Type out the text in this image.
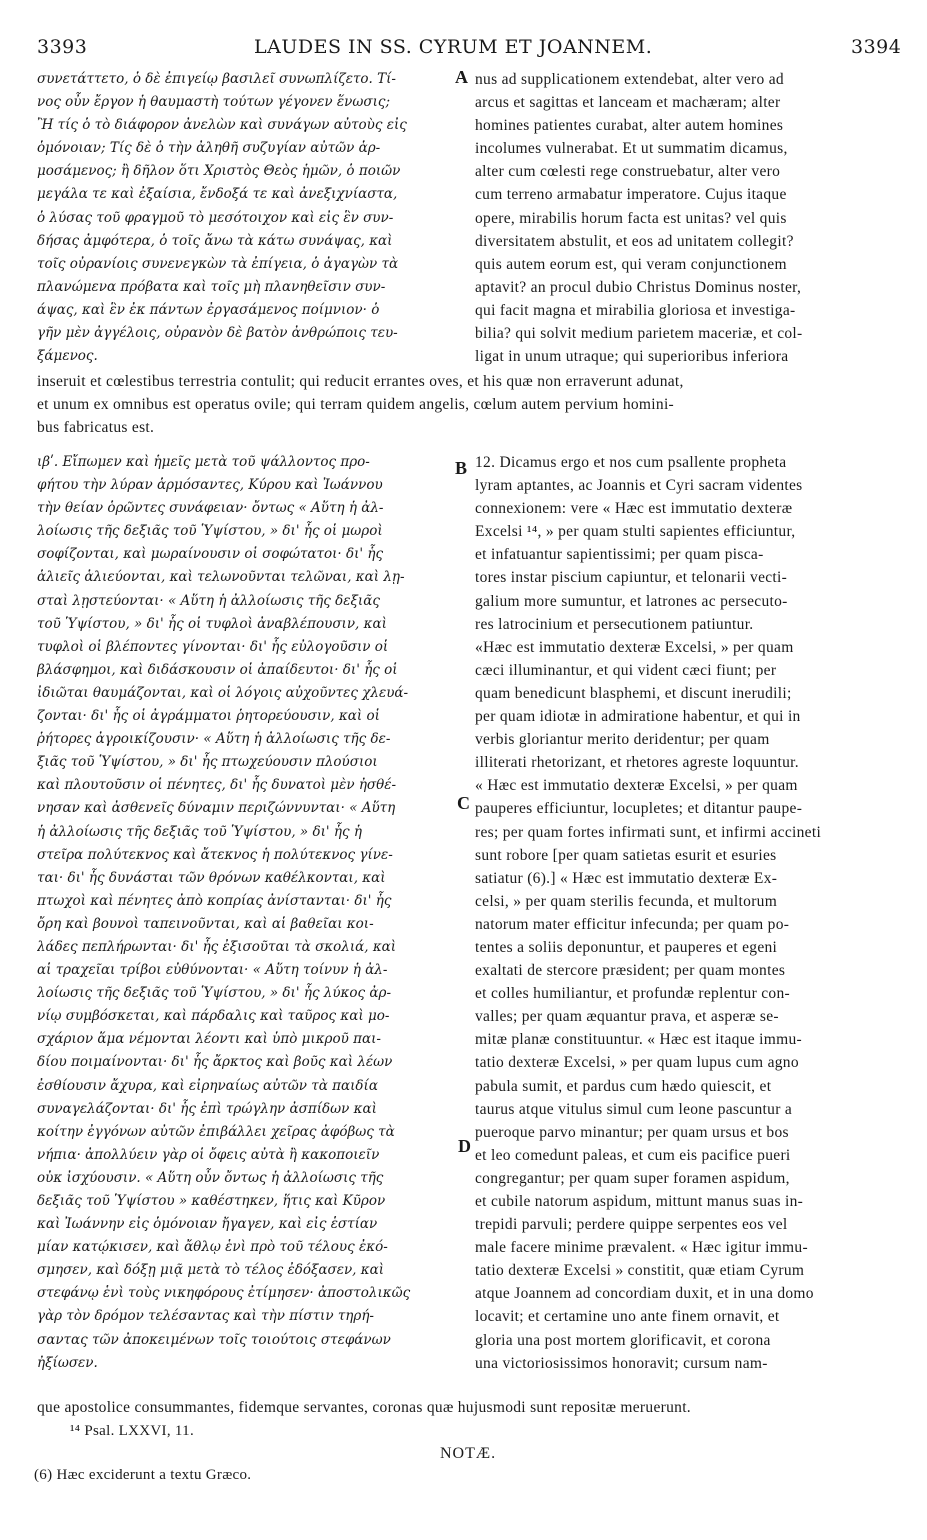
3393	LAUDES IN SS. CYRUM ET JOANNEM.	3394
A
B
C
D
συνετάττετο, ὁ δὲ ἐπιγείῳ βασιλεῖ συνωπλίζετο. Τί-
νος οὖν ἔργον ἡ θαυμαστὴ τούτων γέγονεν ἕνωσις;
Ἢ τίς ὁ τὸ διάφορον ἀνελὼν καὶ συνάγων αὐτοὺς εἰς
ὁμόνοιαν; Τίς δὲ ὁ τὴν ἀληθῆ συζυγίαν αὐτῶν ἁρ-
μοσάμενος; ἢ δῆλον ὅτι Χριστὸς Θεὸς ἡμῶν, ὁ ποιῶν
μεγάλα τε καὶ ἐξαίσια, ἔνδοξά τε καὶ ἀνεξιχνίαστα,
ὁ λύσας τοῦ φραγμοῦ τὸ μεσότοιχον καὶ εἰς ἓν συν-
δήσας ἀμφότερα, ὁ τοῖς ἄνω τὰ κάτω συνάψας, καὶ
τοῖς οὐρανίοις συνενεγκὼν τὰ ἐπίγεια, ὁ ἀγαγὼν τὰ
πλανώμενα πρόβατα καὶ τοῖς μὴ πλανηθεῖσιν συν-
άψας, καὶ ἓν ἐκ πάντων ἐργασάμενος ποίμνιον· ὁ
γῆν μὲν ἀγγέλοις, οὐρανὸν δὲ βατὸν ἀνθρώποις τευ-
ξάμενος.
nus ad supplicationem extendebat, alter vero ad
arcus et sagittas et lanceam et machæram; alter
homines patientes curabat, alter autem homines
incolumes vulnerabat. Et ut summatim dicamus,
alter cum cœlesti rege construebatur, alter vero
cum terreno armabatur imperatore. Cujus itaque
opere, mirabilis horum facta est unitas? vel quis
diversitatem abstulit, et eos ad unitatem collegit?
quis autem eorum est, qui veram conjunctionem
aptavit? an procul dubio Christus Dominus noster,
qui facit magna et mirabilia gloriosa et investiga-
bilia? qui solvit medium parietem maceriæ, et col-
ligat in unum utraque; qui superioribus inferiora
inseruit et cœlestibus terrestria contulit; qui reducit errantes oves, et his quæ non erraverunt adunat,
et unum ex omnibus est operatus ovile; qui terram quidem angelis, cœlum autem pervium homini-
bus fabricatus est.
ιβʹ. Εἴπωμεν καὶ ἡμεῖς μετὰ τοῦ ψάλλοντος προ-
φήτου τὴν λύραν ἁρμόσαντες, Κύρου καὶ Ἰωάννου
τὴν θείαν ὁρῶντες συνάφειαν· ὄντως « Αὕτη ἡ ἀλ-
λοίωσις τῆς δεξιᾶς τοῦ Ὑψίστου, » δι' ἧς οἱ μωροὶ
σοφίζονται, καὶ μωραίνουσιν οἱ σοφώτατοι· δι' ἧς
ἁλιεῖς ἁλιεύονται, καὶ τελωνοῦνται τελῶναι, καὶ λῃ-
σταὶ λῃστεύονται· « Αὕτη ἡ ἀλλοίωσις τῆς δεξιᾶς
τοῦ Ὑψίστου, » δι' ἧς οἱ τυφλοὶ ἀναβλέπουσιν, καὶ
τυφλοὶ οἱ βλέποντες γίνονται· δι' ἧς εὐλογοῦσιν οἱ
βλάσφημοι, καὶ διδάσκουσιν οἱ ἀπαίδευτοι· δι' ἧς οἱ
ἰδιῶται θαυμάζονται, καὶ οἱ λόγοις αὐχοῦντες χλευά-
ζονται· δι' ἧς οἱ ἀγράμματοι ῥητορεύουσιν, καὶ οἱ
ῥήτορες ἀγροικίζουσιν· « Αὕτη ἡ ἀλλοίωσις τῆς δε-
ξιᾶς τοῦ Ὑψίστου, » δι' ἧς πτωχεύουσιν πλούσιοι
καὶ πλουτοῦσιν οἱ πένητες, δι' ἧς δυνατοὶ μὲν ἠσθέ-
νησαν καὶ ἀσθενεῖς δύναμιν περιζώννυνται· « Αὕτη
ἡ ἀλλοίωσις τῆς δεξιᾶς τοῦ Ὑψίστου, » δι' ἧς ἡ
στεῖρα πολύτεκνος καὶ ἄτεκνος ἡ πολύτεκνος γίνε-
ται· δι' ἧς δυνάσται τῶν θρόνων καθέλκονται, καὶ
πτωχοὶ καὶ πένητες ἀπὸ κοπρίας ἀνίστανται· δι' ἧς
ὄρη καὶ βουνοὶ ταπεινοῦνται, καὶ αἱ βαθεῖαι κοι-
λάδες πεπλήρωνται· δι' ἧς ἐξισοῦται τὰ σκολιά, καὶ
αἱ τραχεῖαι τρίβοι εὐθύνονται· « Αὕτη τοίνυν ἡ ἀλ-
λοίωσις τῆς δεξιᾶς τοῦ Ὑψίστου, » δι' ἧς λύκος ἀρ-
νίῳ συμβόσκεται, καὶ πάρδαλις καὶ ταῦρος καὶ μο-
σχάριον ἅμα νέμονται λέοντι καὶ ὑπὸ μικροῦ παι-
δίου ποιμαίνονται· δι' ἧς ἄρκτος καὶ βοῦς καὶ λέων
ἐσθίουσιν ἄχυρα, καὶ εἰρηναίως αὐτῶν τὰ παιδία
συναγελάζονται· δι' ἧς ἐπὶ τρώγλην ἀσπίδων καὶ
κοίτην ἐγγόνων αὐτῶν ἐπιβάλλει χεῖρας ἀφόβως τὰ
νήπια· ἀπολλύειν γὰρ οἱ ὄφεις αὐτὰ ἢ κακοποιεῖν
οὐκ ἰσχύουσιν. « Αὕτη οὖν ὄντως ἡ ἀλλοίωσις τῆς
δεξιᾶς τοῦ Ὑψίστου » καθέστηκεν, ἥτις καὶ Κῦρον
καὶ Ἰωάννην εἰς ὁμόνοιαν ἤγαγεν, καὶ εἰς ἑστίαν
μίαν κατῴκισεν, καὶ ἄθλῳ ἑνὶ πρὸ τοῦ τέλους ἐκό-
σμησεν, καὶ δόξῃ μιᾷ μετὰ τὸ τέλος ἐδόξασεν, καὶ
στεφάνῳ ἑνὶ τοὺς νικηφόρους ἐτίμησεν· ἀποστολικῶς
γὰρ τὸν δρόμον τελέσαντας καὶ τὴν πίστιν τηρή-
σαντας τῶν ἀποκειμένων τοῖς τοιούτοις στεφάνων
ἠξίωσεν.
12. Dicamus ergo et nos cum psallente propheta
lyram aptantes, ac Joannis et Cyri sacram videntes
connexionem: vere « Hæc est immutatio dexteræ
Excelsi ¹⁴, » per quam stulti sapientes efficiuntur,
et infatuantur sapientissimi; per quam pisca-
tores instar piscium capiuntur, et telonarii vecti-
galium more sumuntur, et latrones ac persecuto-
res latrocinium et persecutionem patiuntur.
«Hæc est immutatio dexteræ Excelsi, » per quam
cæci illuminantur, et qui vident cæci fiunt; per
quam benedicunt blasphemi, et discunt inerudili;
per quam idiotæ in admiratione habentur, et qui in
verbis gloriantur merito deridentur; per quam
illiterati rhetorizant, et rhetores agreste loquuntur.
« Hæc est immutatio dexteræ Excelsi, » per quam
pauperes efficiuntur, locupletes; et ditantur paupe-
res; per quam fortes infirmati sunt, et infirmi accineti
sunt robore [per quam satietas esurit et esuries
satiatur (6).] « Hæc est immutatio dexteræ Ex-
celsi, » per quam sterilis fecunda, et multorum
natorum mater efficitur infecunda; per quam po-
tentes a soliis deponuntur, et pauperes et egeni
exaltati de stercore præsident; per quam montes
et colles humiliantur, et profundæ replentur con-
valles; per quam æquantur prava, et asperæ se-
mitæ planæ constituuntur. « Hæc est itaque immu-
tatio dexteræ Excelsi, » per quam lupus cum agno
pabula sumit, et pardus cum hædo quiescit, et
taurus atque vitulus simul cum leone pascuntur a
pueroque parvo minantur; per quam ursus et bos
et leo comedunt paleas, et cum eis pacifice pueri
congregantur; per quam super foramen aspidum,
et cubile natorum aspidum, mittunt manus suas in-
trepidi parvuli; perdere quippe serpentes eos vel
male facere minime prævalent. « Hæc igitur immu-
tatio dexteræ Excelsi » constitit, quæ etiam Cyrum
atque Joannem ad concordiam duxit, et in una domo
locavit; et certamine uno ante finem ornavit, et
gloria una post mortem glorificavit, et corona
una victoriosissimos honoravit; cursum nam-
que apostolice consummantes, fidemque servantes, coronas quæ hujusmodi sunt repositæ meruerunt.
¹⁴ Psal. LXXVI, 11.
NOTÆ.
(6) Hæc exciderunt a textu Græco.
